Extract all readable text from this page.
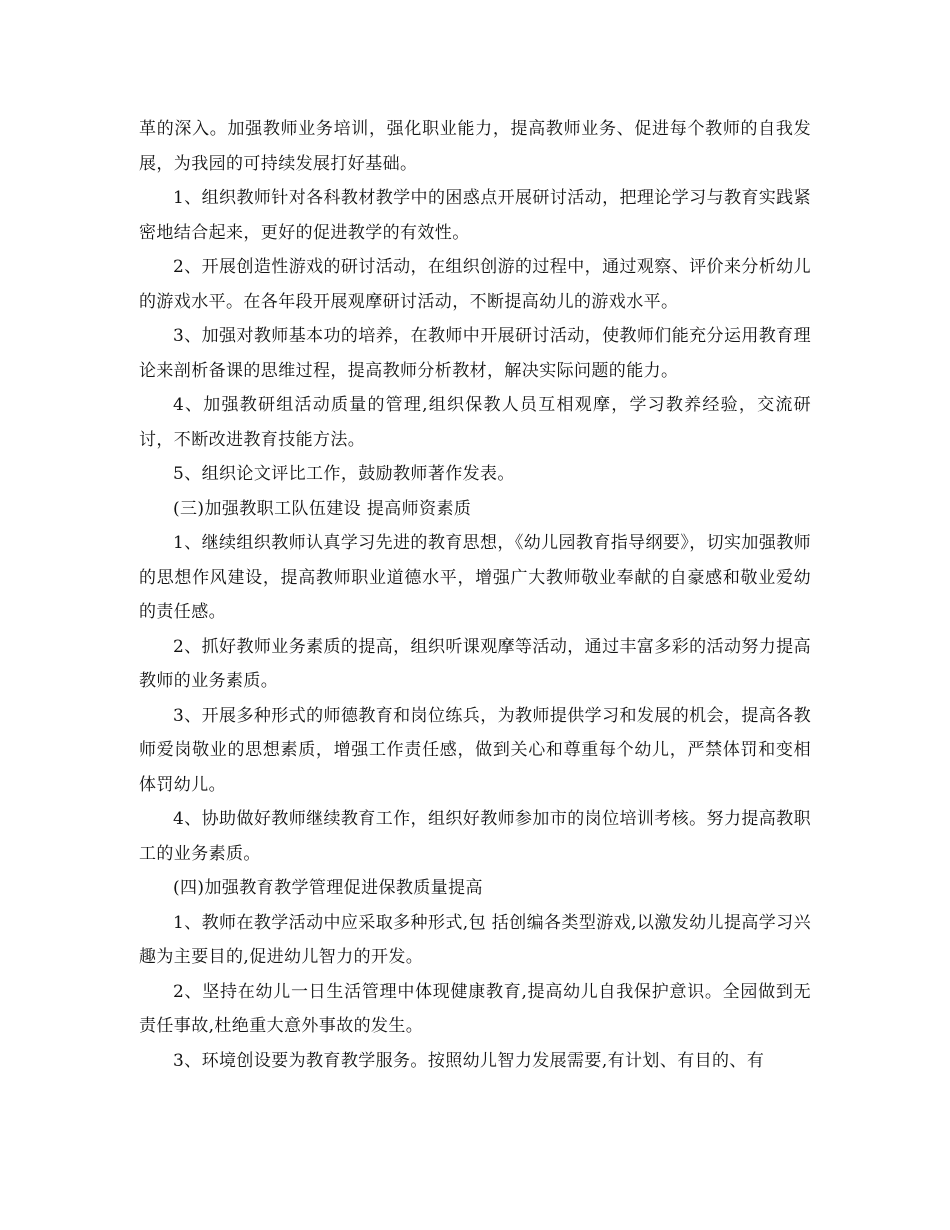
革的深入。加强教师业务培训，强化职业能力，提高教师业务、促进每个教师的自我发展，为我园的可持续发展打好基础。

1、组织教师针对各科教材教学中的困惑点开展研讨活动，把理论学习与教育实践紧密地结合起来，更好的促进教学的有效性。

2、开展创造性游戏的研讨活动，在组织创游的过程中，通过观察、评价来分析幼儿的游戏水平。在各年段开展观摩研讨活动，不断提高幼儿的游戏水平。

3、加强对教师基本功的培养，在教师中开展研讨活动，使教师们能充分运用教育理论来剖析备课的思维过程，提高教师分析教材，解决实际问题的能力。

4、加强教研组活动质量的管理,组织保教人员互相观摩，学习教养经验，交流研讨，不断改进教育技能方法。

5、组织论文评比工作，鼓励教师著作发表。

(三)加强教职工队伍建设 提高师资素质

1、继续组织教师认真学习先进的教育思想，《幼儿园教育指导纲要》，切实加强教师的思想作风建设，提高教师职业道德水平，增强广大教师敬业奉献的自豪感和敬业爱幼的责任感。

2、抓好教师业务素质的提高，组织听课观摩等活动，通过丰富多彩的活动努力提高教师的业务素质。

3、开展多种形式的师德教育和岗位练兵，为教师提供学习和发展的机会，提高各教师爱岗敬业的思想素质，增强工作责任感，做到关心和尊重每个幼儿，严禁体罚和变相体罚幼儿。

4、协助做好教师继续教育工作，组织好教师参加市的岗位培训考核。努力提高教职工的业务素质。

(四)加强教育教学管理促进保教质量提高

1、教师在教学活动中应采取多种形式,包 括创编各类型游戏,以激发幼儿提高学习兴趣为主要目的,促进幼儿智力的开发。

2、坚持在幼儿一日生活管理中体现健康教育,提高幼儿自我保护意识。全园做到无责任事故,杜绝重大意外事故的发生。

3、环境创设要为教育教学服务。按照幼儿智力发展需要,有计划、有目的、有
